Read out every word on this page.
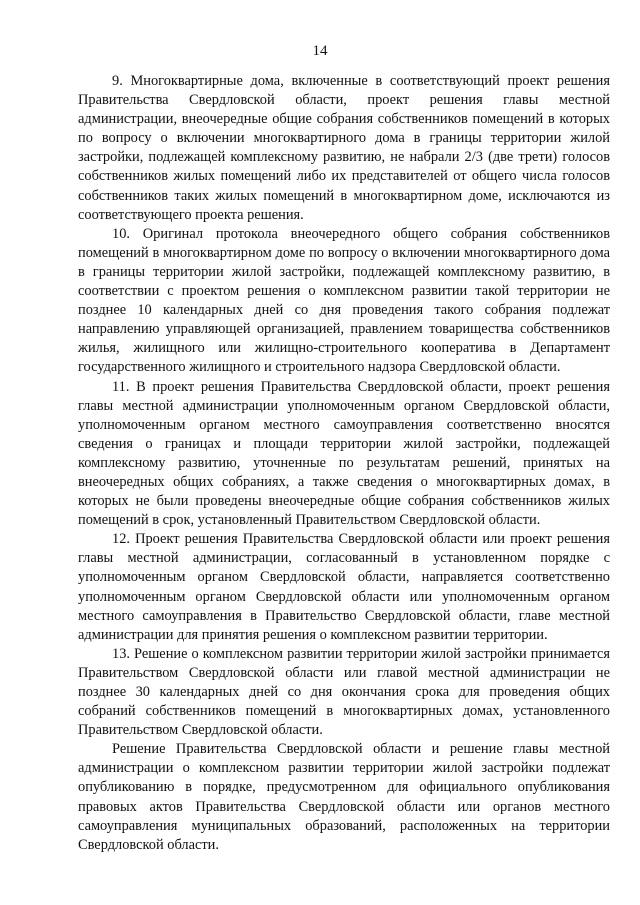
14

9. Многоквартирные дома, включенные в соответствующий проект решения Правительства Свердловской области, проект решения главы местной администрации, внеочередные общие собрания собственников помещений в которых по вопросу о включении многоквартирного дома в границы территории жилой застройки, подлежащей комплексному развитию, не набрали 2/3 (две трети) голосов собственников жилых помещений либо их представителей от общего числа голосов собственников таких жилых помещений в многоквартирном доме, исключаются из соответствующего проекта решения.

10. Оригинал протокола внеочередного общего собрания собственников помещений в многоквартирном доме по вопросу о включении многоквартирного дома в границы территории жилой застройки, подлежащей комплексному развитию, в соответствии с проектом решения о комплексном развитии такой территории не позднее 10 календарных дней со дня проведения такого собрания подлежат направлению управляющей организацией, правлением товарищества собственников жилья, жилищного или жилищно-строительного кооператива в Департамент государственного жилищного и строительного надзора Свердловской области.

11. В проект решения Правительства Свердловской области, проект решения главы местной администрации уполномоченным органом Свердловской области, уполномоченным органом местного самоуправления соответственно вносятся сведения о границах и площади территории жилой застройки, подлежащей комплексному развитию, уточненные по результатам решений, принятых на внеочередных общих собраниях, а также сведения о многоквартирных домах, в которых не были проведены внеочередные общие собрания собственников жилых помещений в срок, установленный Правительством Свердловской области.

12. Проект решения Правительства Свердловской области или проект решения главы местной администрации, согласованный в установленном порядке с уполномоченным органом Свердловской области, направляется соответственно уполномоченным органом Свердловской области или уполномоченным органом местного самоуправления в Правительство Свердловской области, главе местной администрации для принятия решения о комплексном развитии территории.

13. Решение о комплексном развитии территории жилой застройки принимается Правительством Свердловской области или главой местной администрации не позднее 30 календарных дней со дня окончания срока для проведения общих собраний собственников помещений в многоквартирных домах, установленного Правительством Свердловской области.

Решение Правительства Свердловской области и решение главы местной администрации о комплексном развитии территории жилой застройки подлежат опубликованию в порядке, предусмотренном для официального опубликования правовых актов Правительства Свердловской области или органов местного самоуправления муниципальных образований, расположенных на территории Свердловской области.
